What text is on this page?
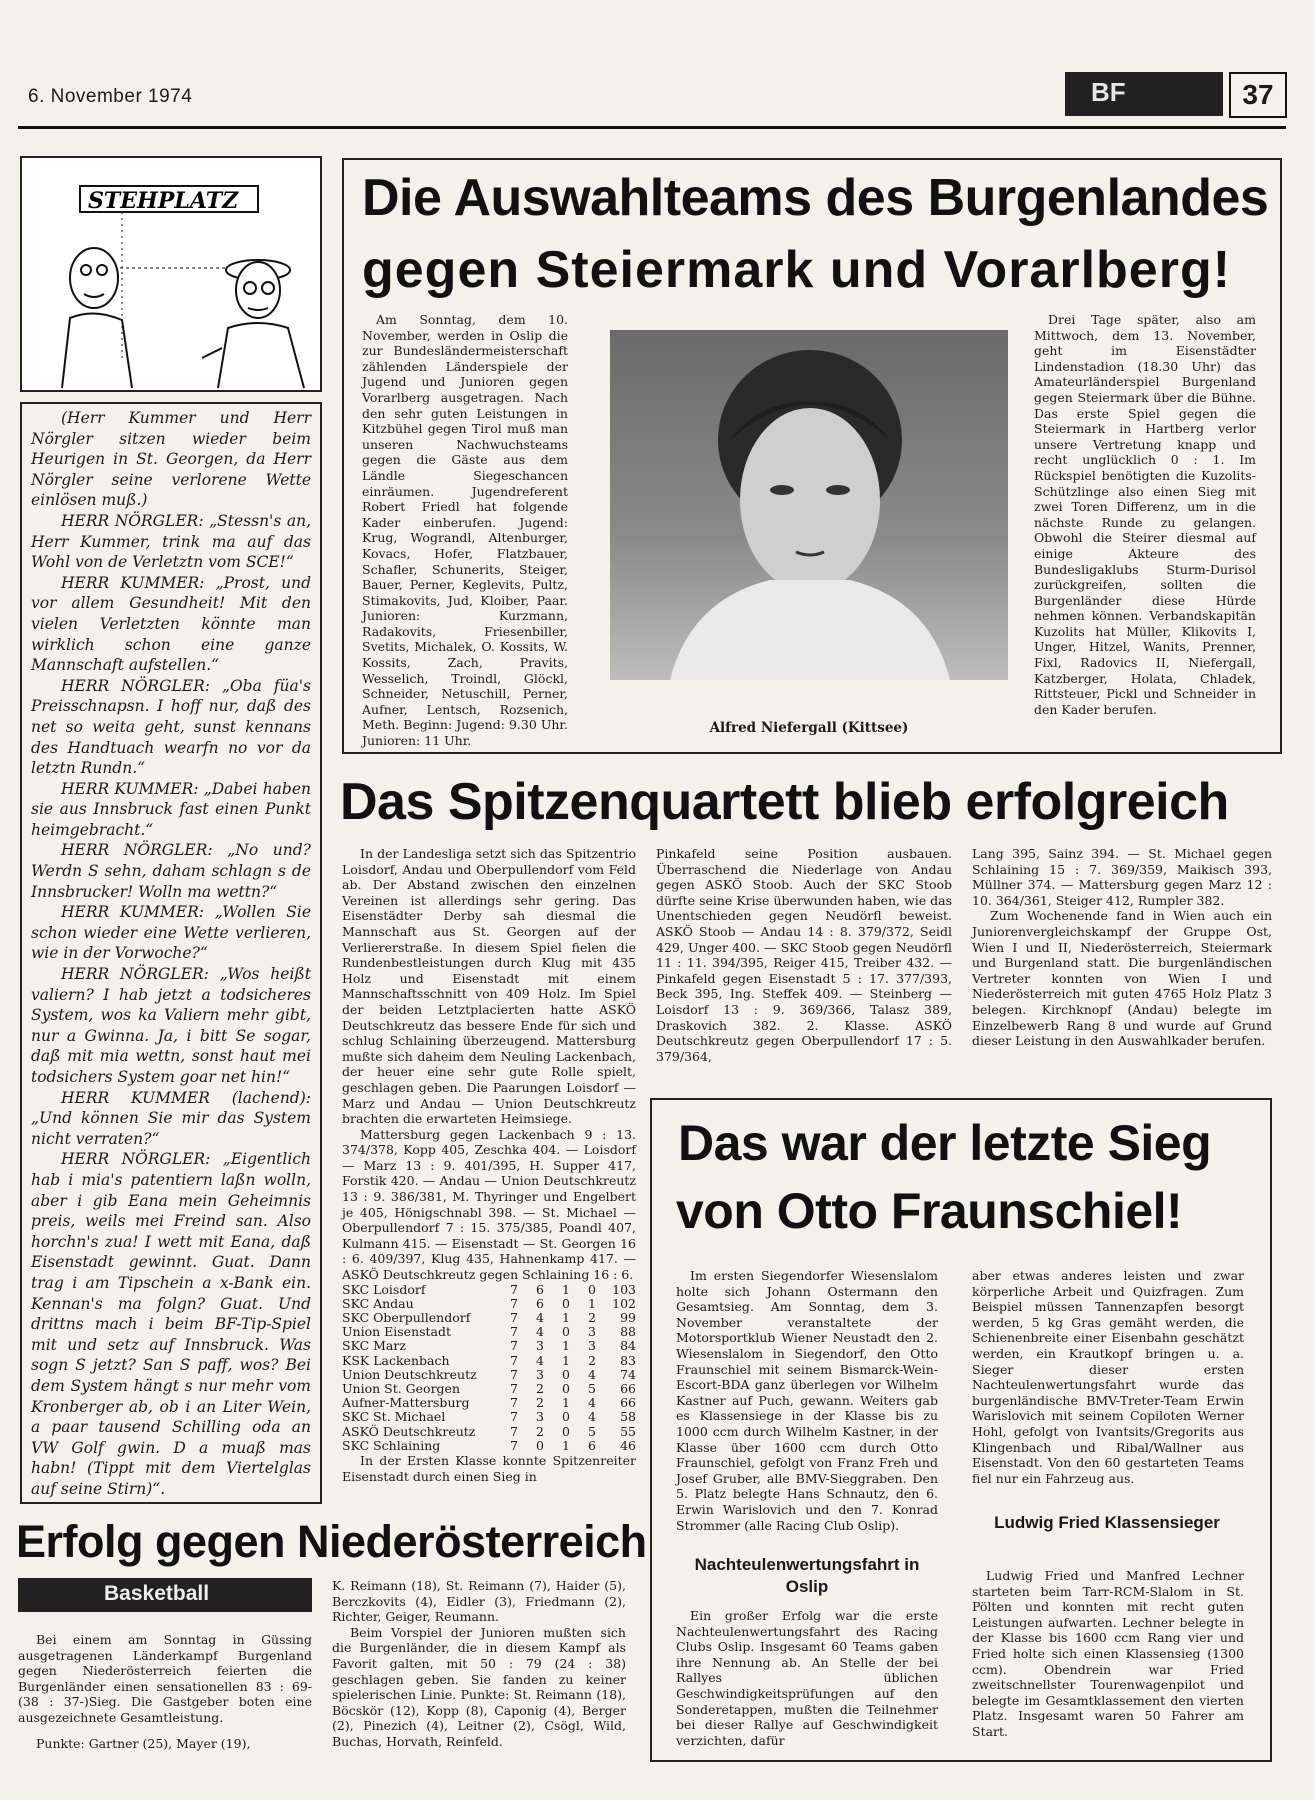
6. November 1974	BF	37
STEHPLATZ

(Herr Kummer und Herr Nörgler sitzen wieder beim Heurigen in St. Georgen, da Herr Nörgler seine verlorene Wette einlösen muß.)

HERR NÖRGLER: „Stessn's an, Herr Kummer, trink ma auf das Wohl von de Verletztn vom SCE!“

HERR KUMMER: „Prost, und vor allem Gesundheit! Mit den vielen Verletzten könnte man wirklich schon eine ganze Mannschaft aufstellen.“

HERR NÖRGLER: „Oba füa's Preisschnapsn. I hoff nur, daß des net so weita geht, sunst kennans des Handtuach wearfn no vor da letztn Rundn.“

HERR KUMMER: „Dabei haben sie aus Innsbruck fast einen Punkt heimgebracht.“

HERR NÖRGLER: „No und? Werdn S sehn, daham schlagn s de Innsbrucker! Wolln ma wettn?“

HERR KUMMER: „Wollen Sie schon wieder eine Wette verlieren, wie in der Vorwoche?“

HERR NÖRGLER: „Wos heißt valiern? I hab jetzt a todsicheres System, wos ka Valiern mehr gibt, nur a Gwinna. Ja, i bitt Se sogar, daß mit mia wettn, sonst haut mei todsichers System goar net hin!“

HERR KUMMER (lachend): „Und können Sie mir das System nicht verraten?“

HERR NÖRGLER: „Eigentlich hab i mia's patentiern laßn wolln, aber i gib Eana mein Geheimnis preis, weils mei Freind san. Also horchn's zua! I wett mit Eana, daß Eisenstadt gewinnt. Guat. Dann trag i am Tipschein a x-Bank ein. Kennan's ma folgn? Guat. Und drittns mach i beim BF-Tip-Spiel mit und setz auf Innsbruck. Was sogn S jetzt? San S paff, wos? Bei dem System hängt s nur mehr vom Kronberger ab, ob i an Liter Wein, a paar tausend Schilling oda an VW Golf gwin. D a muaß mas habn! (Tippt mit dem Viertelglas auf seine Stirn)“.

Die Auswahlteams des Burgenlandes
gegen Steiermark und Vorarlberg!
Am Sonntag, dem 10. November, werden in Oslip die zur Bundesländermeisterschaft zählenden Länderspiele der Jugend und Junioren gegen Vorarlberg ausgetragen. Nach den sehr guten Leistungen in Kitzbühel gegen Tirol muß man unseren Nachwuchsteams gegen die Gäste aus dem Ländle Siegeschancen einräumen. Jugendreferent Robert Friedl hat folgende Kader einberufen. Jugend: Krug, Wograndl, Altenburger, Kovacs, Hofer, Flatzbauer, Schafler, Schunerits, Steiger, Bauer, Perner, Keglevits, Pultz, Stimakovits, Jud, Kloiber, Paar. Junioren: Kurzmann, Radakovits, Friesenbiller, Svetits, Michalek, O. Kossits, W. Kossits, Zach, Pravits, Wesselich, Troindl, Glöckl, Schneider, Netuschill, Perner, Aufner, Lentsch, Rozsenich, Meth. Beginn: Jugend: 9.30 Uhr. Junioren: 11 Uhr.
Alfred Niefergall (Kittsee)
Drei Tage später, also am Mittwoch, dem 13. November, geht im Eisenstädter Lindenstadion (18.30 Uhr) das Amateurländerspiel Burgenland gegen Steiermark über die Bühne. Das erste Spiel gegen die Steiermark in Hartberg verlor unsere Vertretung knapp und recht unglücklich 0 : 1. Im Rückspiel benötigten die Kuzolits-Schützlinge also einen Sieg mit zwei Toren Differenz, um in die nächste Runde zu gelangen. Obwohl die Steirer diesmal auf einige Akteure des Bundesligaklubs Sturm-Durisol zurückgreifen, sollten die Burgenländer diese Hürde nehmen können. Verbandskapitän Kuzolits hat Müller, Klikovits I, Unger, Hitzel, Wanits, Prenner, Fixl, Radovics II, Niefergall, Katzberger, Holata, Chladek, Rittsteuer, Pickl und Schneider in den Kader berufen.
Das Spitzenquartett blieb erfolgreich

In der Landesliga setzt sich das Spitzentrio Loisdorf, Andau und Oberpullendorf vom Feld ab. Der Abstand zwischen den einzelnen Vereinen ist allerdings sehr gering. Das Eisenstädter Derby sah diesmal die Mannschaft aus St. Georgen auf der Verliererstraße. In diesem Spiel fielen die Rundenbestleistungen durch Klug mit 435 Holz und Eisenstadt mit einem Mannschaftsschnitt von 409 Holz. Im Spiel der beiden Letztplacierten hatte ASKÖ Deutschkreutz das bessere Ende für sich und schlug Schlaining überzeugend. Mattersburg mußte sich daheim dem Neuling Lackenbach, der heuer eine sehr gute Rolle spielt, geschlagen geben. Die Paarungen Loisdorf — Marz und Andau — Union Deutschkreutz brachten die erwarteten Heimsiege.

Mattersburg gegen Lackenbach 9 : 13. 374/378, Kopp 405, Zeschka 404. — Loisdorf — Marz 13 : 9. 401/395, H. Supper 417, Forstik 420. — Andau — Union Deutschkreutz 13 : 9. 386/381, M. Thyringer und Engelbert je 405, Hönigschnabl 398. — St. Michael — Oberpullendorf 7 : 15. 375/385, Poandl 407, Kulmann 415. — Eisenstadt — St. Georgen 16 : 6. 409/397, Klug 435, Hahnenkamp 417. — ASKÖ Deutschkreutz gegen Schlaining 16 : 6.

SKC Loisdorf	7	6	1	0	103
SKC Andau	7	6	0	1	102
SKC Oberpullendorf	7	4	1	2	99
Union Eisenstadt	7	4	0	3	88
SKC Marz	7	3	1	3	84
KSK Lackenbach	7	4	1	2	83
Union Deutschkreutz	7	3	0	4	74
Union St. Georgen	7	2	0	5	66
Aufner-Mattersburg	7	2	1	4	66
SKC St. Michael	7	3	0	4	58
ASKÖ Deutschkreutz	7	2	0	5	55
SKC Schlaining	7	0	1	6	46

In der Ersten Klasse konnte Spitzenreiter Eisenstadt durch einen Sieg in

Pinkafeld seine Position ausbauen. Überraschend die Niederlage von Andau gegen ASKÖ Stoob. Auch der SKC Stoob dürfte seine Krise überwunden haben, wie das Unentschieden gegen Neudörfl beweist. ASKÖ Stoob — Andau 14 : 8. 379/372, Seidl 429, Unger 400. — SKC Stoob gegen Neudörfl 11 : 11. 394/395, Reiger 415, Treiber 432. — Pinkafeld gegen Eisenstadt 5 : 17. 377/393, Beck 395, Ing. Steffek 409. — Steinberg — Loisdorf 13 : 9. 369/366, Talasz 389, Draskovich 382. 2. Klasse. ASKÖ Deutschkreutz gegen Oberpullendorf 17 : 5. 379/364,

Lang 395, Sainz 394. — St. Michael gegen Schlaining 15 : 7. 369/359, Maikisch 393, Müllner 374. — Mattersburg gegen Marz 12 : 10. 364/361, Steiger 412, Rumpler 382.

Zum Wochenende fand in Wien auch ein Juniorenvergleichskampf der Gruppe Ost, Wien I und II, Niederösterreich, Steiermark und Burgenland statt. Die burgenländischen Vertreter konnten von Wien I und Niederösterreich mit guten 4765 Holz Platz 3 belegen. Kirchknopf (Andau) belegte im Einzelbewerb Rang 8 und wurde auf Grund dieser Leistung in den Auswahlkader berufen.

Das war der letzte Sieg
von Otto Fraunschiel!
Im ersten Siegendorfer Wiesenslalom holte sich Johann Ostermann den Gesamtsieg. Am Sonntag, dem 3. November veranstaltete der Motorsportklub Wiener Neustadt den 2. Wiesenslalom in Siegendorf, den Otto Fraunschiel mit seinem Bismarck-Wein-Escort-BDA ganz überlegen vor Wilhelm Kastner auf Puch, gewann. Weiters gab es Klassensiege in der Klasse bis zu 1000 ccm durch Wilhelm Kastner, in der Klasse über 1600 ccm durch Otto Fraunschiel, gefolgt von Franz Freh und Josef Gruber, alle BMV-Sieggraben. Den 5. Platz belegte Hans Schnautz, den 6. Erwin Warislovich und den 7. Konrad Strommer (alle Racing Club Oslip).
Nachteulenwertungsfahrt in Oslip
Ein großer Erfolg war die erste Nachteulenwertungsfahrt des Racing Clubs Oslip. Insgesamt 60 Teams gaben ihre Nennung ab. An Stelle der bei Rallyes üblichen Geschwindigkeitsprüfungen auf den Sonderetappen, mußten die Teilnehmer bei dieser Rallye auf Geschwindigkeit verzichten, dafür
aber etwas anderes leisten und zwar körperliche Arbeit und Quizfragen. Zum Beispiel müssen Tannenzapfen besorgt werden, 5 kg Gras gemäht werden, die Schienenbreite einer Eisenbahn geschätzt werden, ein Krautkopf bringen u. a. Sieger dieser ersten Nachteulenwertungsfahrt wurde das burgenländische BMV-Treter-Team Erwin Warislovich mit seinem Copiloten Werner Hohl, gefolgt von Ivantsits/Gregorits aus Klingenbach und Ribal/Wallner aus Eisenstadt. Von den 60 gestarteten Teams fiel nur ein Fahrzeug aus.
Ludwig Fried Klassensieger
Ludwig Fried und Manfred Lechner starteten beim Tarr-RCM-Slalom in St. Pölten und konnten mit recht guten Leistungen aufwarten. Lechner belegte in der Klasse bis 1600 ccm Rang vier und Fried holte sich einen Klassensieg (1300 ccm). Obendrein war Fried zweitschnellster Tourenwagenpilot und belegte im Gesamtklassement den vierten Platz. Insgesamt waren 50 Fahrer am Start.
Erfolg gegen Niederösterreich
Basketball

Bei einem am Sonntag in Güssing ausgetragenen Länderkampf Burgenland gegen Niederösterreich feierten die Burgenländer einen sensationellen 83 : 69-(38 : 37-)Sieg. Die Gastgeber boten eine ausgezeichnete Gesamtleistung.

Punkte: Gartner (25), Mayer (19),

K. Reimann (18), St. Reimann (7), Haider (5), Berczkovits (4), Eidler (3), Friedmann (2), Richter, Geiger, Reumann.

Beim Vorspiel der Junioren mußten sich die Burgenländer, die in diesem Kampf als Favorit galten, mit 50 : 79 (24 : 38) geschlagen geben. Sie fanden zu keiner spielerischen Linie. Punkte: St. Reimann (18), Böcskör (12), Kopp (8), Caponig (4), Berger (2), Pinezich (4), Leitner (2), Csögl, Wild, Buchas, Horvath, Reinfeld.
